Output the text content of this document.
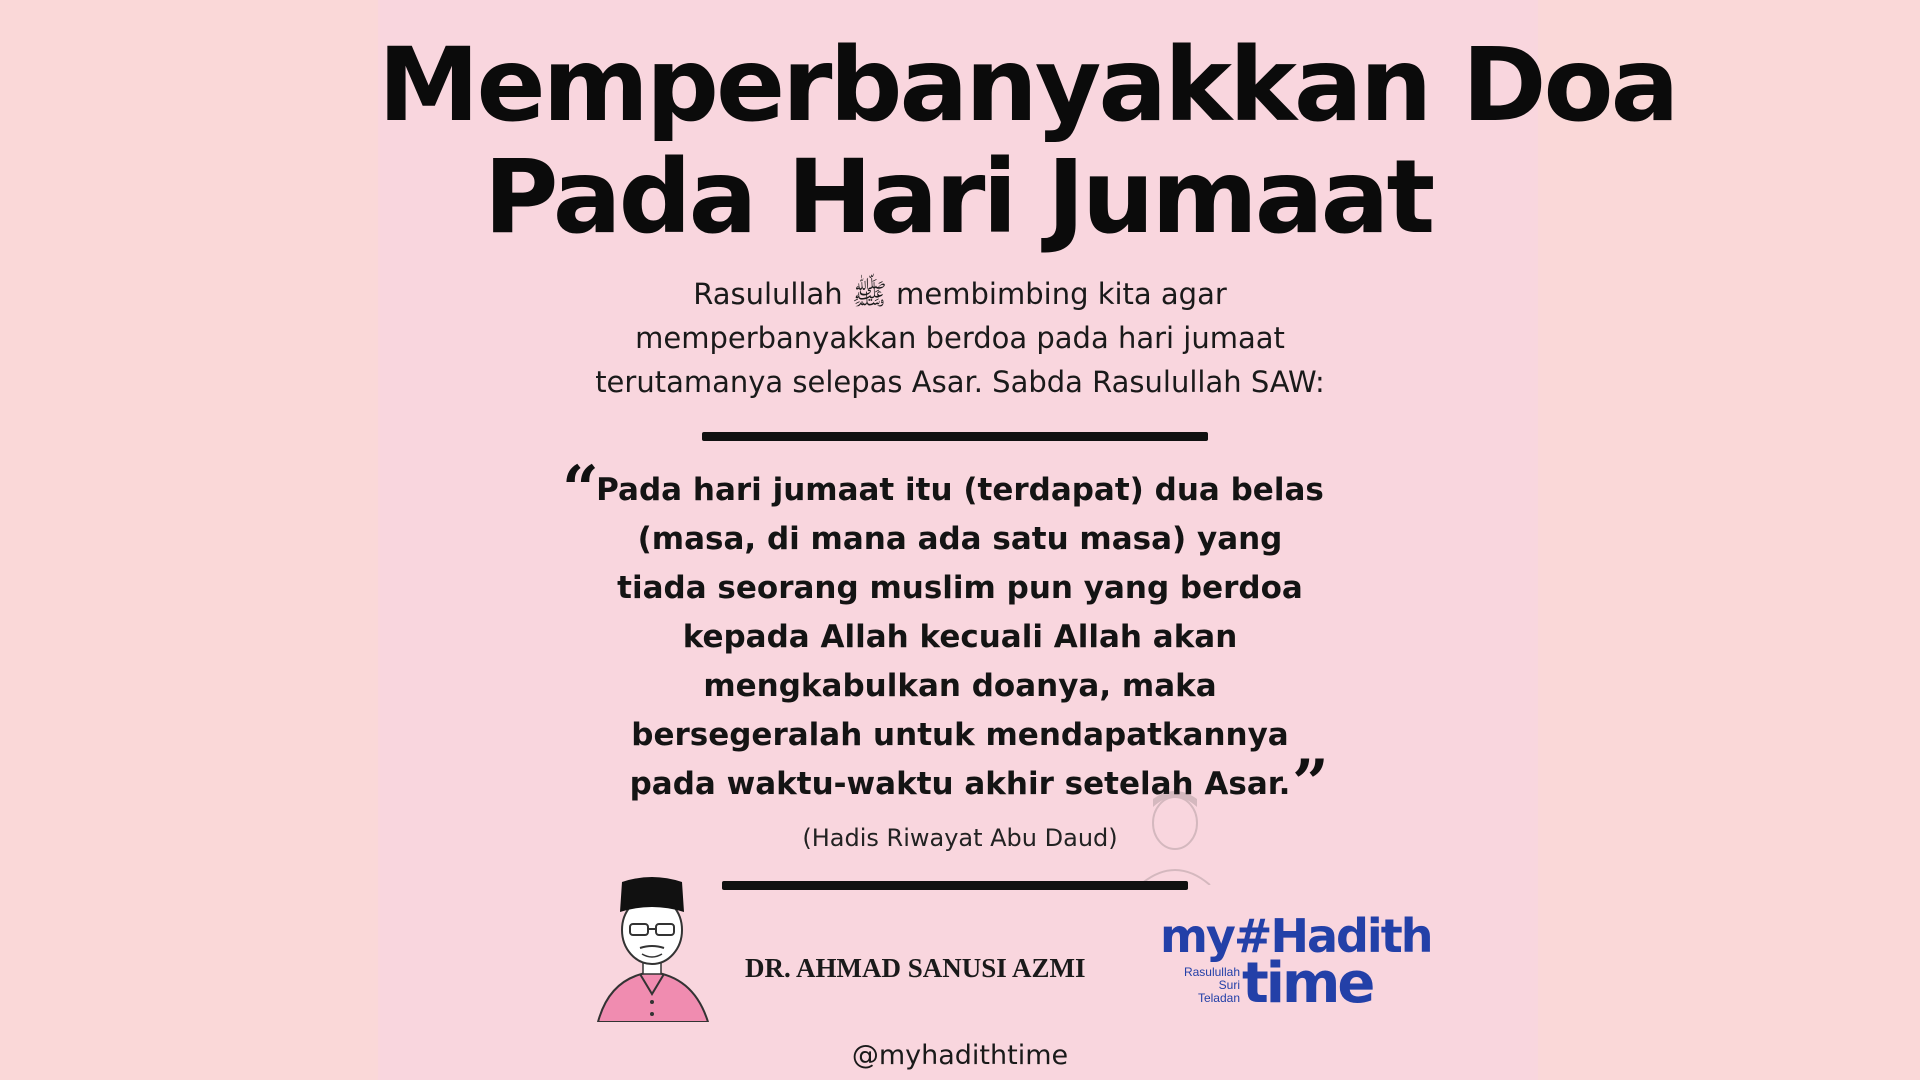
Memperbanyakkan Doa
Pada Hari Jumaat
Rasulullah ﷺ membimbing kita agar
memperbanyakkan berdoa pada hari jumaat
terutamanya selepas Asar. Sabda Rasulullah SAW:
“
Pada hari jumaat itu (terdapat) dua belas
(masa, di mana ada satu masa) yang
tiada seorang muslim pun yang berdoa
kepada Allah kecuali Allah akan
mengkabulkan doanya, maka
bersegeralah untuk mendapatkannya
pada waktu-waktu akhir setelah Asar. ”
(Hadis Riwayat Abu Daud)
DR. AHMAD SANUSI AZMI
my#Hadith
Rasulullah
Suri
Teladan time
@myhadithtime
